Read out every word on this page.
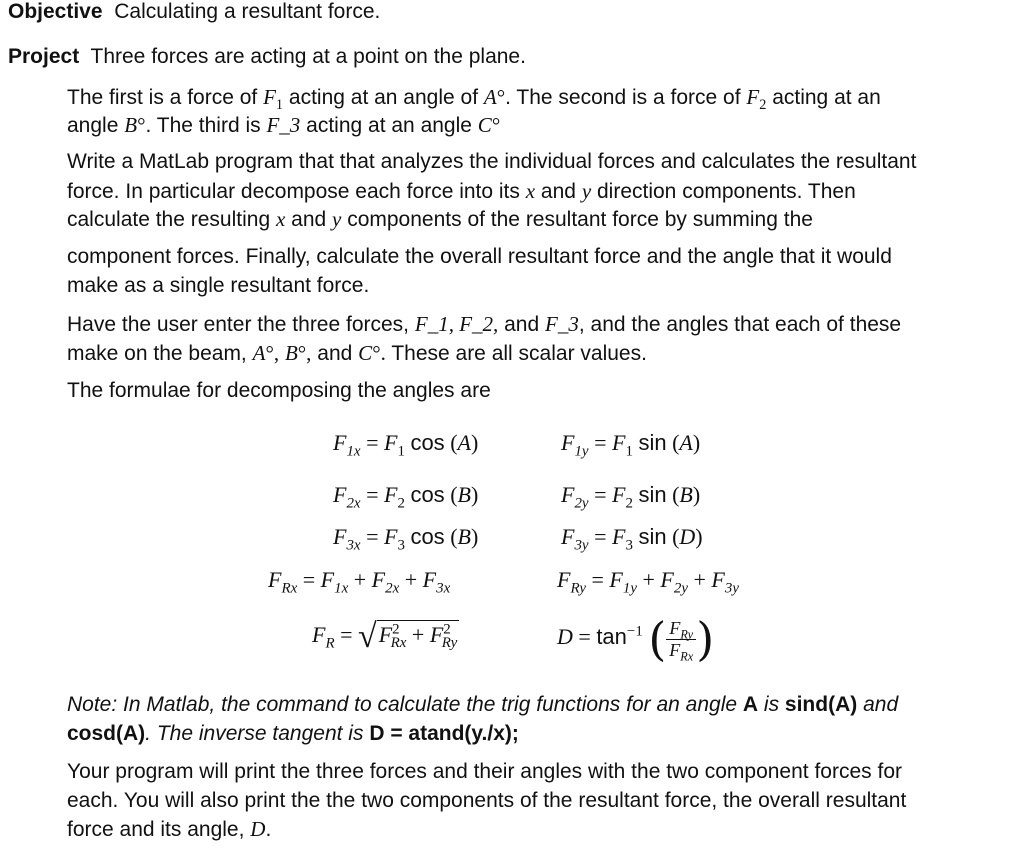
Objective Calculating a resultant force.
Project Three forces are acting at a point on the plane.
The first is a force of $F_1$ acting at an angle of A°. The second is a force of $F_2$ acting at an
angle B°. The third is F_3 acting at an angle C°
Write a MatLab program that that analyzes the individual forces and calculates the resultant
force. In particular decompose each force into its x and y direction components. Then
calculate the resulting x and y components of the resultant force by summing the
component forces. Finally, calculate the overall resultant force and the angle that it would
make as a single resultant force.
Have the user enter the three forces, F_1, F_2, and F_3, and the angles that each of these
make on the beam, A°, B°, and C°. These are all scalar values.
The formulae for decomposing the angles are
$F_{1x} = F_1$ cos (A)	$F_{1y} = F_1$ sin (A)
$F_{2x} = F_2$ cos (B)	$F_{2y} = F_2$ sin (B)
$F_{3x} = F_3$ cos (B)	$F_{3y} = F_3$ sin (D)
$F_{Rx} = F_{1x} + F_{2x} + F_{3x}$	$F_{Ry} = F_{1y} + F_{2y} + F_{3y}$
$F_R = √F^2_{Rx} + F^2_{Ry}$	$D = \tan^{-1}$ ( $\frac{F_{Ry}}{F_{Rx}}$ )
Note: In Matlab, the command to calculate the trig functions for an angle A is sind(A) and
cosd(A). The inverse tangent is D = atand(y./x);
Your program will print the three forces and their angles with the two component forces for
each. You will also print the the two components of the resultant force, the overall resultant
force and its angle, D.
